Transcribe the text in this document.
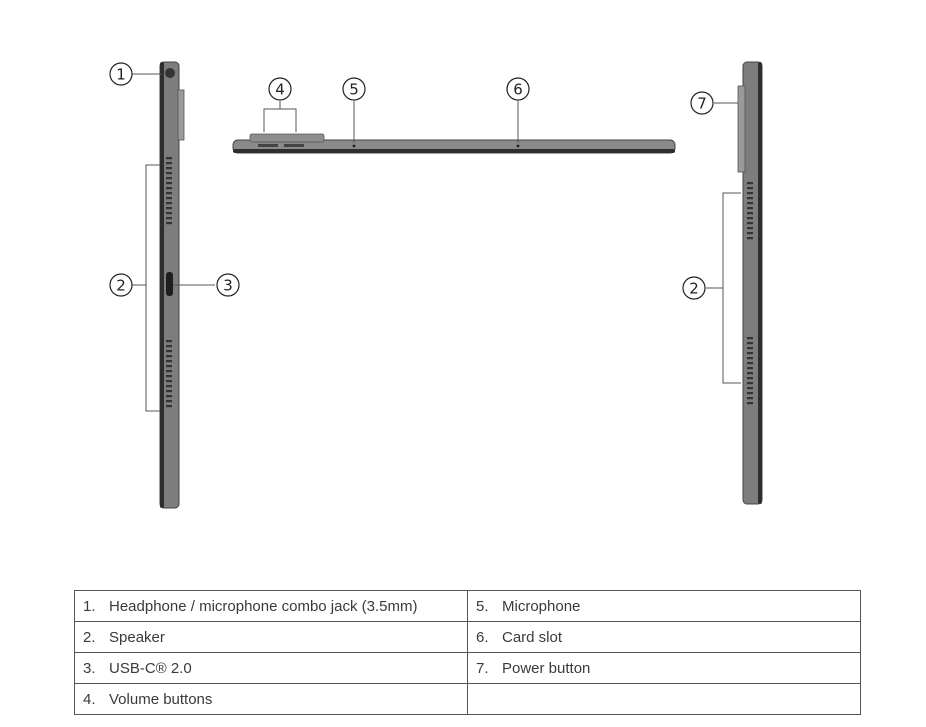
1
2	3
4	5	6
7
2
1. Headphone / microphone combo jack (3.5mm)	5. Microphone
2. Speaker	6. Card slot
3. USB-C® 2.0	7. Power button
4. Volume buttons	
